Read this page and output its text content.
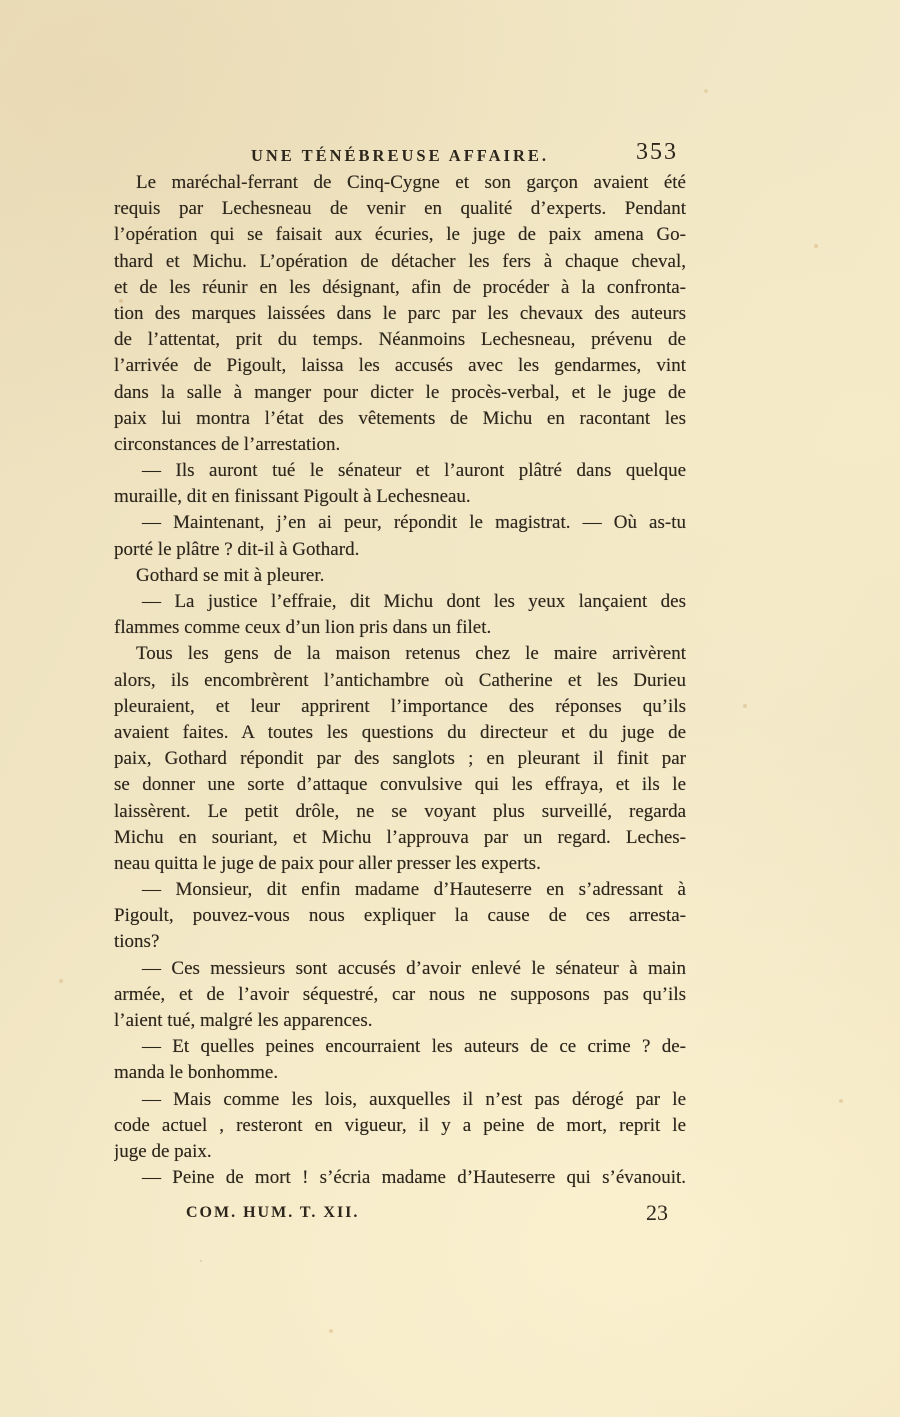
UNE TÉNÉBREUSE AFFAIRE.	353
Le maréchal-ferrant de Cinq-Cygne et son garçon avaient été
requis par Lechesneau de venir en qualité d’experts. Pendant
l’opération qui se faisait aux écuries, le juge de paix amena Go-
thard et Michu. L’opération de détacher les fers à chaque cheval,
et de les réunir en les désignant, afin de procéder à la confronta-
tion des marques laissées dans le parc par les chevaux des auteurs
de l’attentat, prit du temps. Néanmoins Lechesneau, prévenu de
l’arrivée de Pigoult, laissa les accusés avec les gendarmes, vint
dans la salle à manger pour dicter le procès-verbal, et le juge de
paix lui montra l’état des vêtements de Michu en racontant les
circonstances de l’arrestation.
— Ils auront tué le sénateur et l’auront plâtré dans quelque
muraille, dit en finissant Pigoult à Lechesneau.
— Maintenant, j’en ai peur, répondit le magistrat. — Où as-tu
porté le plâtre ? dit-il à Gothard.
Gothard se mit à pleurer.
— La justice l’effraie, dit Michu dont les yeux lançaient des
flammes comme ceux d’un lion pris dans un filet.
Tous les gens de la maison retenus chez le maire arrivèrent
alors, ils encombrèrent l’antichambre où Catherine et les Durieu
pleuraient, et leur apprirent l’importance des réponses qu’ils
avaient faites. A toutes les questions du directeur et du juge de
paix, Gothard répondit par des sanglots ; en pleurant il finit par
se donner une sorte d’attaque convulsive qui les effraya, et ils le
laissèrent. Le petit drôle, ne se voyant plus surveillé, regarda
Michu en souriant, et Michu l’approuva par un regard. Leches-
neau quitta le juge de paix pour aller presser les experts.
— Monsieur, dit enfin madame d’Hauteserre en s’adressant à
Pigoult, pouvez-vous nous expliquer la cause de ces arresta-
tions?
— Ces messieurs sont accusés d’avoir enlevé le sénateur à main
armée, et de l’avoir séquestré, car nous ne supposons pas qu’ils
l’aient tué, malgré les apparences.
— Et quelles peines encourraient les auteurs de ce crime ? de-
manda le bonhomme.
— Mais comme les lois, auxquelles il n’est pas dérogé par le
code actuel , resteront en vigueur, il y a peine de mort, reprit le
juge de paix.
— Peine de mort ! s’écria madame d’Hauteserre qui s’évanouit.
COM. HUM. T. XII.	23
